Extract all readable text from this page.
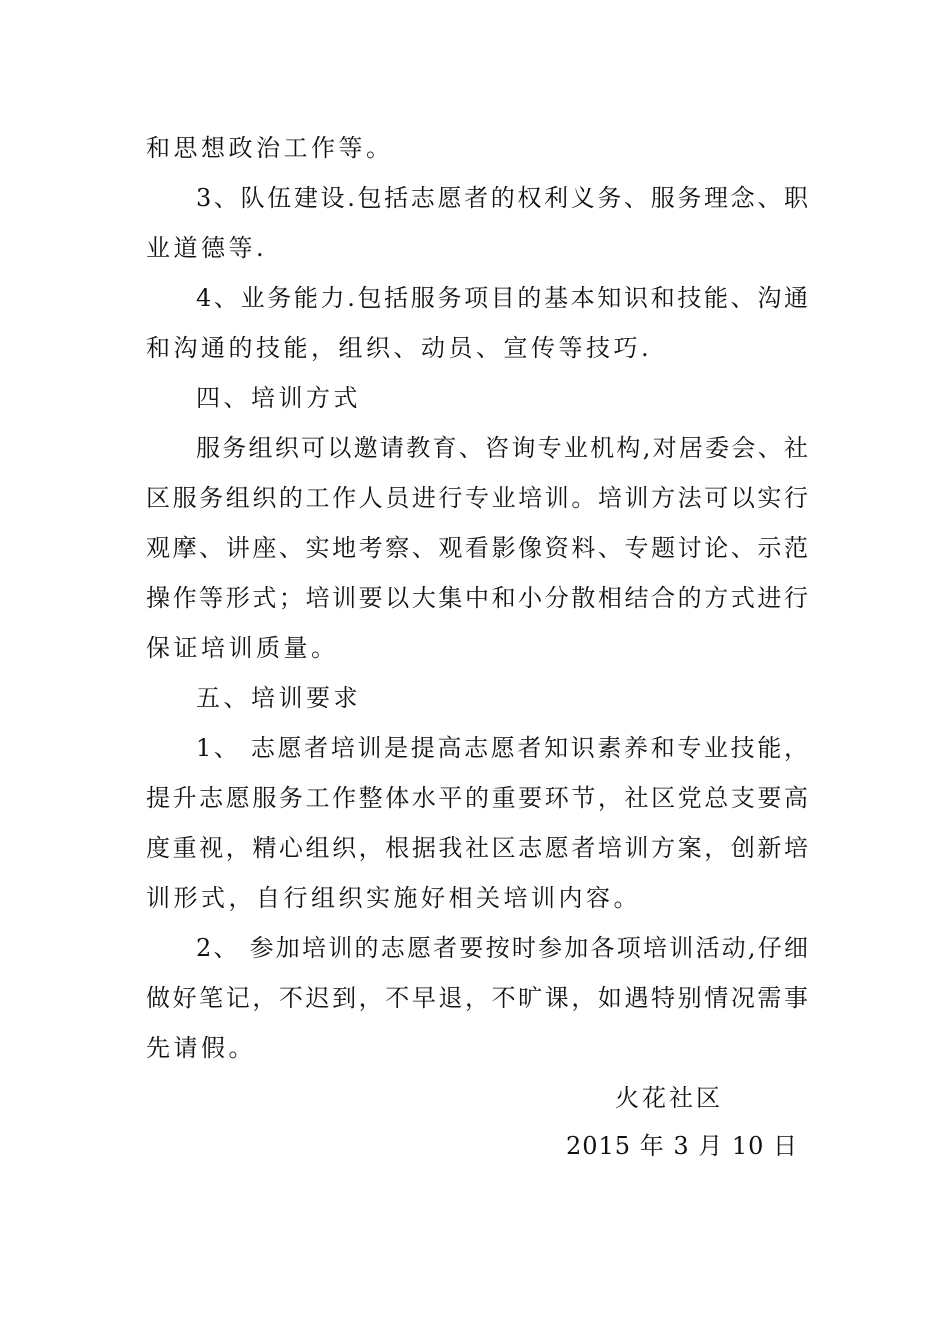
和思想政治工作等。
3、队伍建设.包括志愿者的权利义务、服务理念、职
业道德等.
4、业务能力.包括服务项目的基本知识和技能、沟通
和沟通的技能，组织、动员、宣传等技巧.
四、培训方式
服务组织可以邀请教育、咨询专业机构,对居委会、社
区服务组织的工作人员进行专业培训。培训方法可以实行
观摩、讲座、实地考察、观看影像资料、专题讨论、示范
操作等形式；培训要以大集中和小分散相结合的方式进行
保证培训质量。
五、培训要求
1、 志愿者培训是提高志愿者知识素养和专业技能，
提升志愿服务工作整体水平的重要环节，社区党总支要高
度重视，精心组织，根据我社区志愿者培训方案，创新培
训形式，自行组织实施好相关培训内容。
2、 参加培训的志愿者要按时参加各项培训活动,仔细
做好笔记，不迟到，不早退，不旷课，如遇特别情况需事
先请假。
火花社区
2015 年 3 月 10 日
